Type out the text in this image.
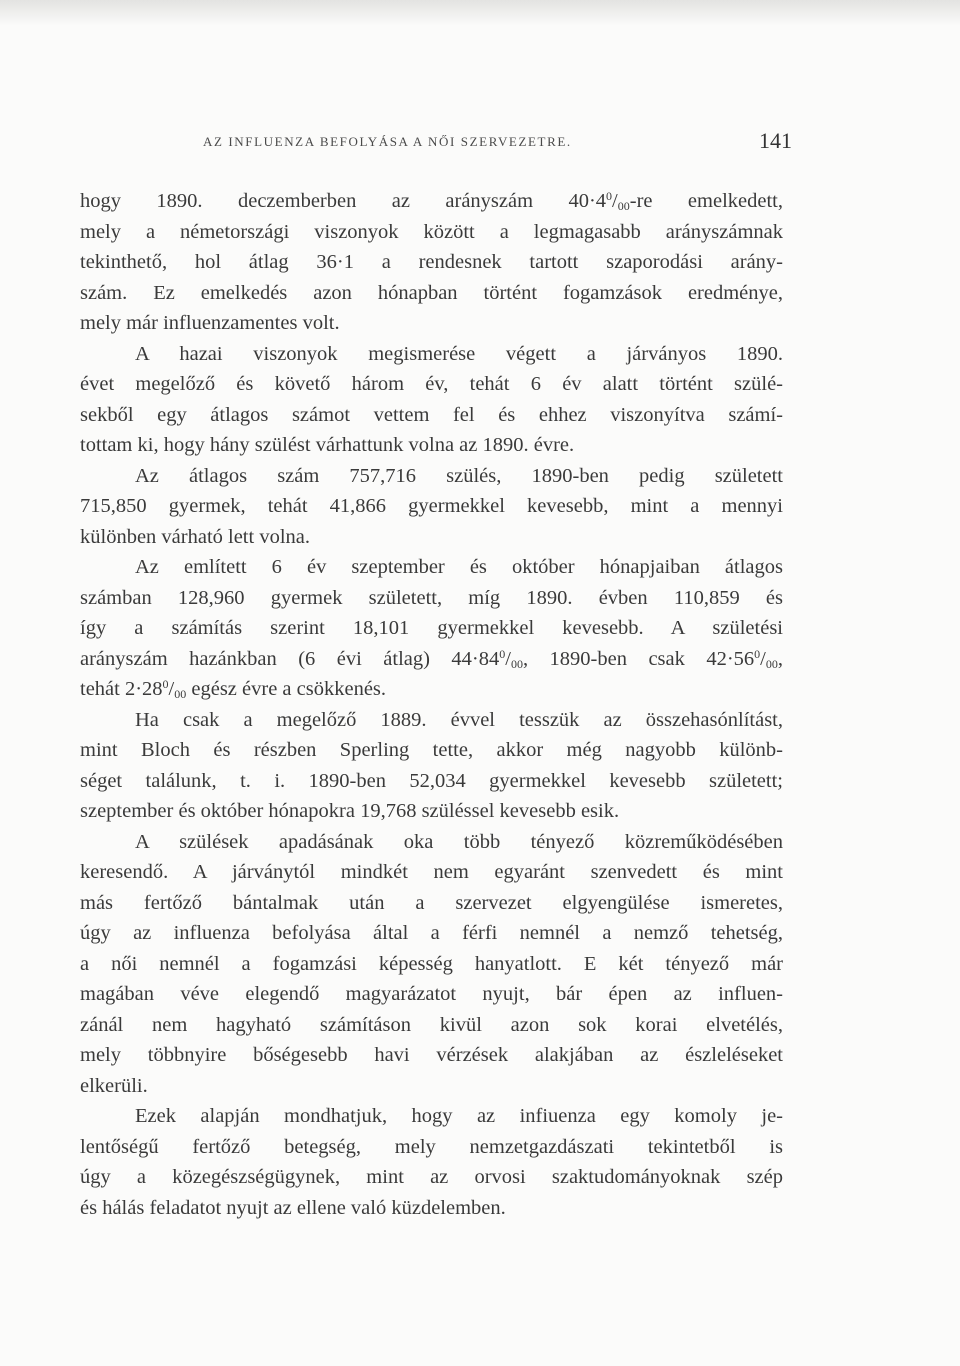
AZ INFLUENZA BEFOLYÁSA A NŐI SZERVEZETRE.	141
hogy 1890. deczemberben az arányszám $40\cdot 4^0/_{00}-re$ emelkedett,
mely a németországi viszonyok között a legmagasabb arányszámnak
tekinthető, hol átlag 36·1 a rendesnek tartott szaporodási arány-
szám. Ez emelkedés azon hónapban történt fogamzások eredménye,
mely már influenzamentes volt.
A hazai viszonyok megismerése végett a járványos 1890.
évet megelőző és követő három év, tehát 6 év alatt történt szülé-
sekből egy átlagos számot vettem fel és ehhez viszonyítva számí-
tottam ki, hogy hány szülést várhattunk volna az 1890. évre.
Az átlagos szám 757,716 szülés, 1890-ben pedig született
715,850 gyermek, tehát 41,866 gyermekkel kevesebb, mint a mennyi
különben várható lett volna.
Az említett 6 év szeptember és október hónapjaiban átlagos
számban 128,960 gyermek született, míg 1890. évben 110,859 és
így a számítás szerint 18,101 gyermekkel kevesebb. A születési
arányszám hazánkban (6 évi átlag) $44\cdot 84^0/_{00}$, 1890-ben csak $42\cdot 56^0/_{00}$,
tehát $2\cdot 28^0/_{00}$ egész évre a csökkenés.
Ha csak a megelőző 1889. évvel tesszük az összehasónlítást,
mint Bloch és részben Sperling tette, akkor még nagyobb különb-
séget találunk, t. i. 1890-ben 52,034 gyermekkel kevesebb született;
szeptember és október hónapokra 19,768 szüléssel kevesebb esik.
A szülések apadásának oka több tényező közreműködésében
keresendő. A járványtól mindkét nem egyaránt szenvedett és mint
más fertőző bántalmak után a szervezet elgyengülése ismeretes,
úgy az influenza befolyása által a férfi nemnél a nemző tehetség,
a női nemnél a fogamzási képesség hanyatlott. E két tényező már
magában véve elegendő magyarázatot nyujt, bár épen az influen-
zánál nem hagyható számításon kivül azon sok korai elvetélés,
mely többnyire bőségesebb havi vérzések alakjában az észleléseket
elkerüli.
Ezek alapján mondhatjuk, hogy az infiuenza egy komoly je-
lentőségű fertőző betegség, mely nemzetgazdászati tekintetből is
úgy a közegészségügynek, mint az orvosi szaktudományoknak szép
és hálás feladatot nyujt az ellene való küzdelemben.
